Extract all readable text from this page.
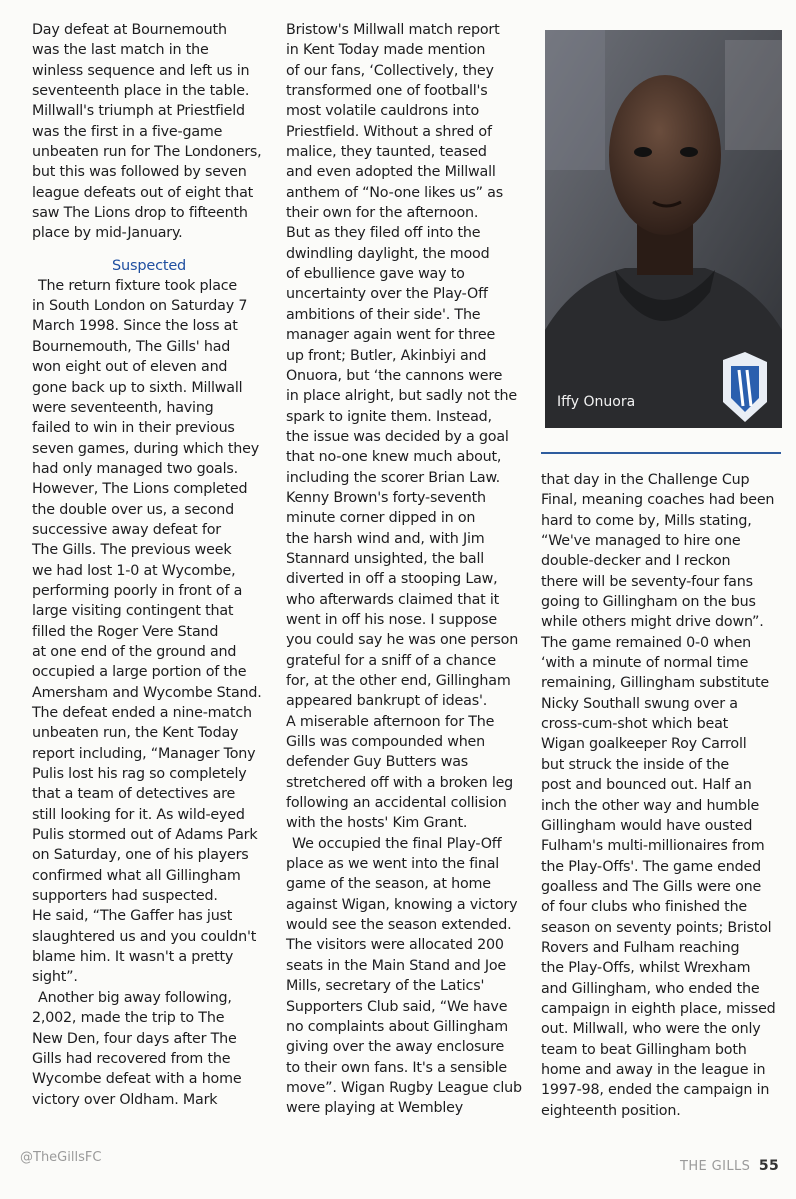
Day defeat at Bournemouth
was the last match in the
winless sequence and left us in
seventeenth place in the table.
Millwall's triumph at Priestfield
was the first in a five-game
unbeaten run for The Londoners,
but this was followed by seven
league defeats out of eight that
saw The Lions drop to fifteenth
place by mid-January.

Suspected

The return fixture took place
in South London on Saturday 7
March 1998. Since the loss at
Bournemouth, The Gills' had
won eight out of eleven and
gone back up to sixth. Millwall
were seventeenth, having
failed to win in their previous
seven games, during which they
had only managed two goals.
However, The Lions completed
the double over us, a second
successive away defeat for
The Gills. The previous week
we had lost 1-0 at Wycombe,
performing poorly in front of a
large visiting contingent that
filled the Roger Vere Stand
at one end of the ground and
occupied a large portion of the
Amersham and Wycombe Stand.
The defeat ended a nine-match
unbeaten run, the Kent Today
report including, “Manager Tony
Pulis lost his rag so completely
that a team of detectives are
still looking for it. As wild-eyed
Pulis stormed out of Adams Park
on Saturday, one of his players
confirmed what all Gillingham
supporters had suspected.
He said, “The Gaffer has just
slaughtered us and you couldn't
blame him. It wasn't a pretty
sight”.

Another big away following,
2,002, made the trip to The
New Den, four days after The
Gills had recovered from the
Wycombe defeat with a home
victory over Oldham. Mark

Bristow's Millwall match report
in Kent Today made mention
of our fans, ‘Collectively, they
transformed one of football's
most volatile cauldrons into
Priestfield. Without a shred of
malice, they taunted, teased
and even adopted the Millwall
anthem of “No-one likes us” as
their own for the afternoon.
But as they filed off into the
dwindling daylight, the mood
of ebullience gave way to
uncertainty over the Play-Off
ambitions of their side'. The
manager again went for three
up front; Butler, Akinbiyi and
Onuora, but ‘the cannons were
in place alright, but sadly not the
spark to ignite them. Instead,
the issue was decided by a goal
that no-one knew much about,
including the scorer Brian Law.
Kenny Brown's forty-seventh
minute corner dipped in on
the harsh wind and, with Jim
Stannard unsighted, the ball
diverted in off a stooping Law,
who afterwards claimed that it
went in off his nose. I suppose
you could say he was one person
grateful for a sniff of a chance
for, at the other end, Gillingham
appeared bankrupt of ideas'.
A miserable afternoon for The
Gills was compounded when
defender Guy Butters was
stretchered off with a broken leg
following an accidental collision
with the hosts' Kim Grant.

We occupied the final Play-Off
place as we went into the final
game of the season, at home
against Wigan, knowing a victory
would see the season extended.
The visitors were allocated 200
seats in the Main Stand and Joe
Mills, secretary of the Latics'
Supporters Club said, “We have
no complaints about Gillingham
giving over the away enclosure
to their own fans. It's a sensible
move”. Wigan Rugby League club
were playing at Wembley

Iffy Onuora

that day in the Challenge Cup
Final, meaning coaches had been
hard to come by, Mills stating,
“We've managed to hire one
double-decker and I reckon
there will be seventy-four fans
going to Gillingham on the bus
while others might drive down”.
The game remained 0-0 when
‘with a minute of normal time
remaining, Gillingham substitute
Nicky Southall swung over a
cross-cum-shot which beat
Wigan goalkeeper Roy Carroll
but struck the inside of the
post and bounced out. Half an
inch the other way and humble
Gillingham would have ousted
Fulham's multi-millionaires from
the Play-Offs'. The game ended
goalless and The Gills were one
of four clubs who finished the
season on seventy points; Bristol
Rovers and Fulham reaching
the Play-Offs, whilst Wrexham
and Gillingham, who ended the
campaign in eighth place, missed
out. Millwall, who were the only
team to beat Gillingham both
home and away in the league in
1997-98, ended the campaign in
eighteenth position.

@TheGillsFC
THE GILLS 55
